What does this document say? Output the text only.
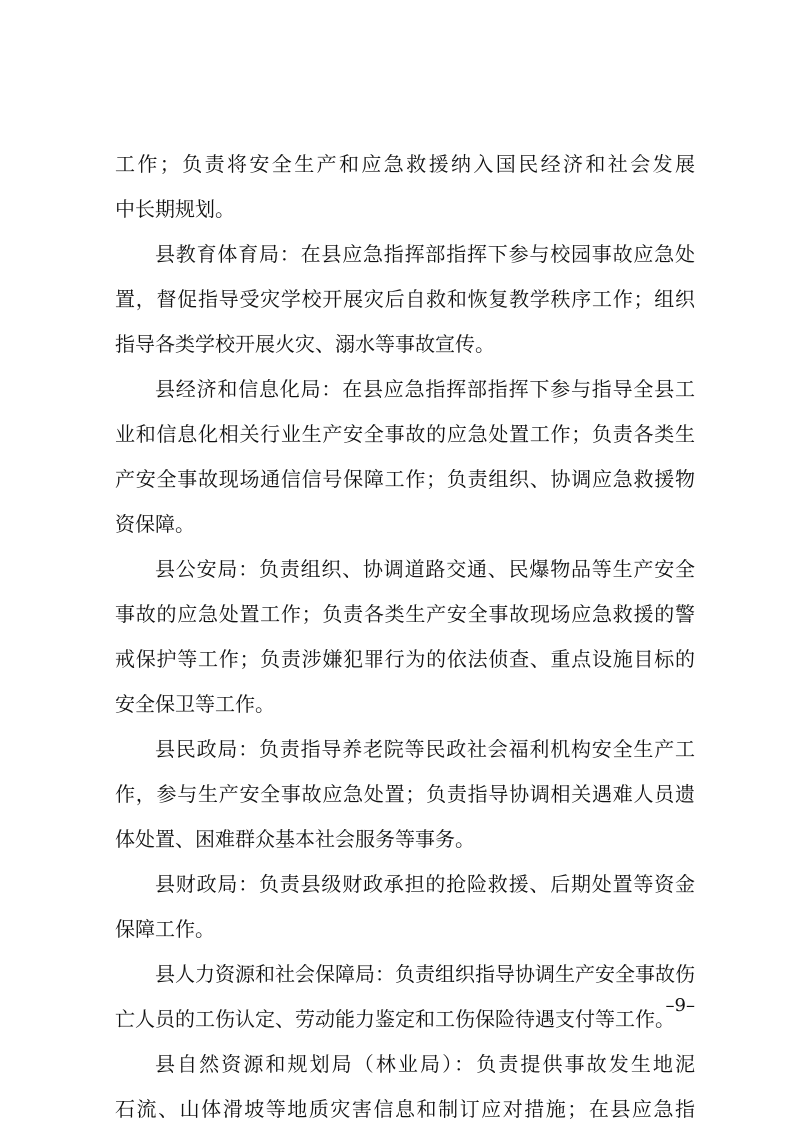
工作；负责将安全生产和应急救援纳入国民经济和社会发展
中长期规划。
县教育体育局：在县应急指挥部指挥下参与校园事故应急处
置，督促指导受灾学校开展灾后自救和恢复教学秩序工作；组织
指导各类学校开展火灾、溺水等事故宣传。
县经济和信息化局：在县应急指挥部指挥下参与指导全县工
业和信息化相关行业生产安全事故的应急处置工作；负责各类生
产安全事故现场通信信号保障工作；负责组织、协调应急救援物
资保障。
县公安局：负责组织、协调道路交通、民爆物品等生产安全
事故的应急处置工作；负责各类生产安全事故现场应急救援的警
戒保护等工作；负责涉嫌犯罪行为的依法侦查、重点设施目标的
安全保卫等工作。
县民政局：负责指导养老院等民政社会福利机构安全生产工
作，参与生产安全事故应急处置；负责指导协调相关遇难人员遗
体处置、困难群众基本社会服务等事务。
县财政局：负责县级财政承担的抢险救援、后期处置等资金
保障工作。
县人力资源和社会保障局：负责组织指导协调生产安全事故伤
亡人员的工伤认定、劳动能力鉴定和工伤保险待遇支付等工作。
县自然资源和规划局（林业局）：负责提供事故发生地泥
石流、山体滑坡等地质灾害信息和制订应对措施；在县应急指
–9–
